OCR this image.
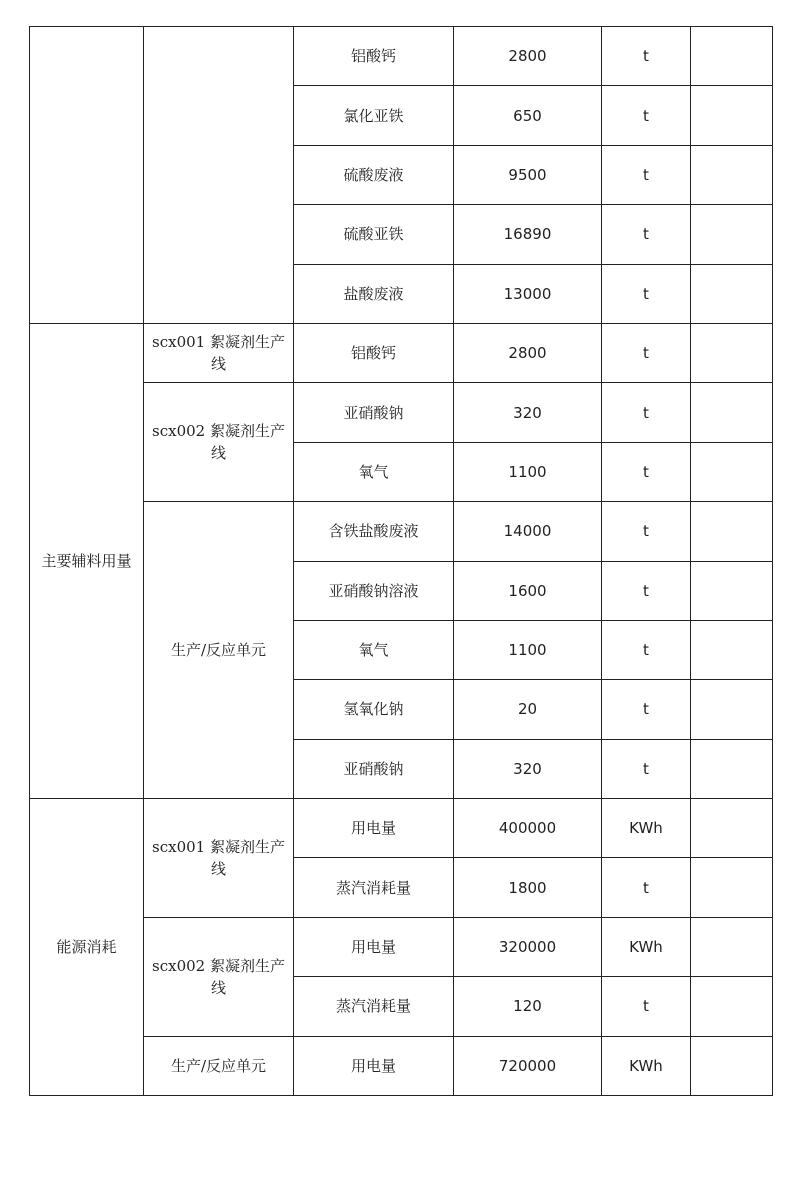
		铝酸钙	2800	t	
		氯化亚铁	650	t	
		硫酸废液	9500	t	
		硫酸亚铁	16890	t	
		盐酸废液	13000	t	
主要辅料用量	scx001 絮凝剂生产线	铝酸钙	2800	t	
	scx002 絮凝剂生产线	亚硝酸钠	320	t	
		氧气	1100	t	
	生产/反应单元	含铁盐酸废液	14000	t	
		亚硝酸钠溶液	1600	t	
		氧气	1100	t	
		氢氧化钠	20	t	
		亚硝酸钠	320	t	
能源消耗	scx001 絮凝剂生产线	用电量	400000	KWh	
		蒸汽消耗量	1800	t	
	scx002 絮凝剂生产线	用电量	320000	KWh	
		蒸汽消耗量	120	t	
	生产/反应单元	用电量	720000	KWh	
